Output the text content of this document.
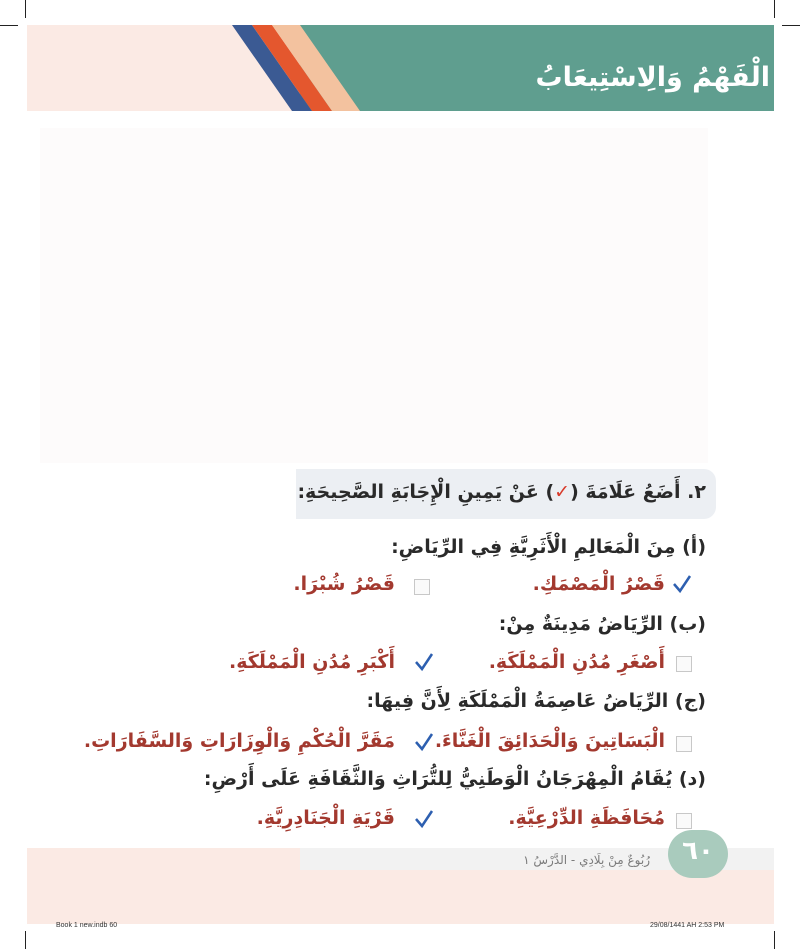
الْفَهْمُ وَالِاسْتِيعَابُ
٢. أَضَعُ عَلَامَةَ (✓) عَنْ يَمِينِ الْإِجَابَةِ الصَّحِيحَةِ:
(أ) مِنَ الْمَعَالِمِ الْأَثَرِيَّةِ فِي الرِّيَاضِ:
قَصْرُ الْمَصْمَكِ.
قَصْرُ شُبْرَا.
(ب) الرِّيَاضُ مَدِينَةٌ مِنْ:
أَصْغَرِ مُدُنِ الْمَمْلَكَةِ.
أَكْبَرِ مُدُنِ الْمَمْلَكَةِ.
(ج) الرِّيَاضُ عَاصِمَةُ الْمَمْلَكَةِ لِأَنَّ فِيهَا:
الْبَسَاتِينَ وَالْحَدَائِقَ الْغَنَّاءَ.
مَقَرَّ الْحُكْمِ وَالْوِزَارَاتِ وَالسَّفَارَاتِ.
(د) يُقَامُ الْمِهْرَجَانُ الْوَطَنِيُّ لِلتُّرَاثِ وَالثَّقَافَةِ عَلَى أَرْضِ:
مُحَافَظَةِ الدِّرْعِيَّةِ.
قَرْيَةِ الْجَنَادِرِيَّةِ.
٦٠
رُبُوعٌ مِنْ بِلَادِي - الدَّرْسُ ١
Book 1 new.indb 60	29/08/1441 AH 2:53 PM
